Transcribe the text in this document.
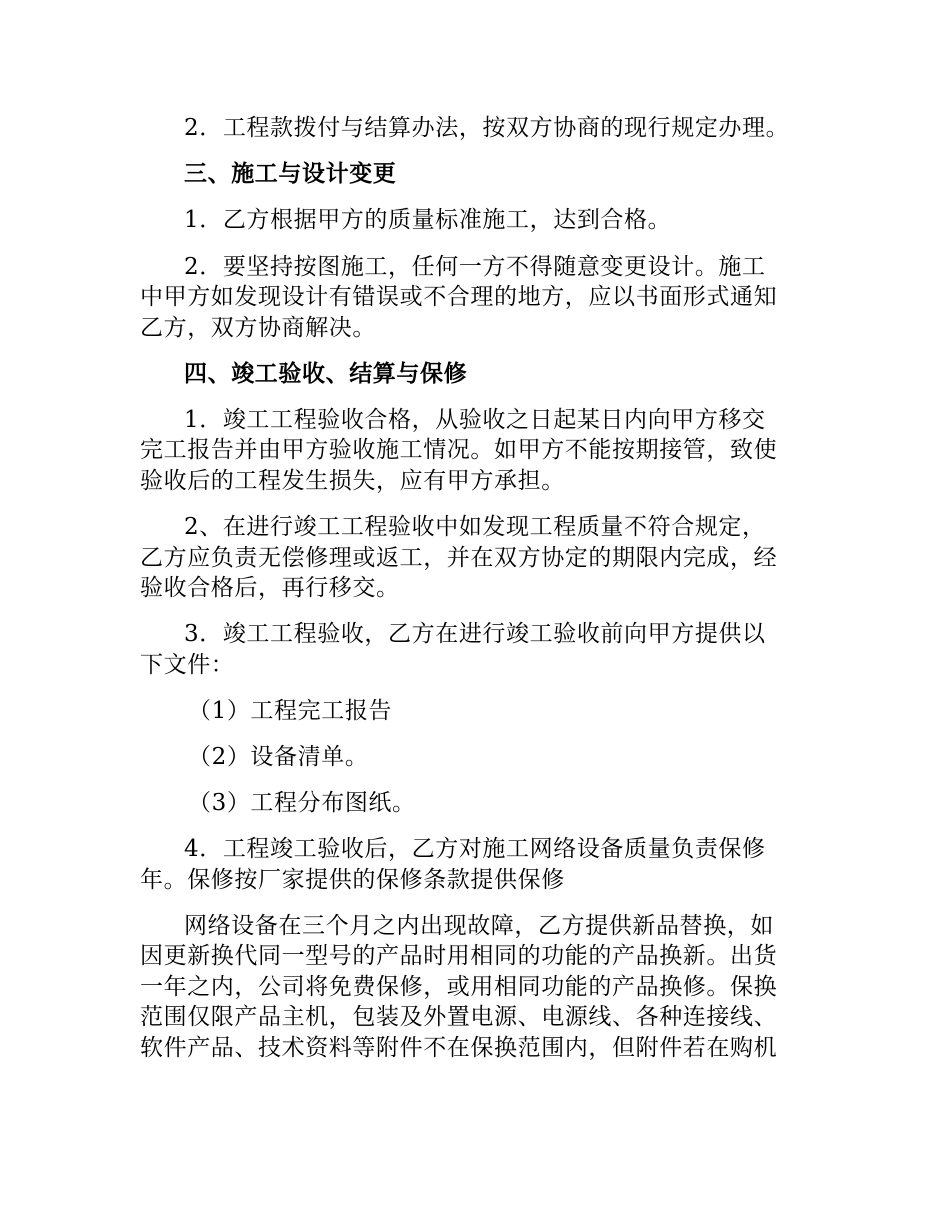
2．工程款拨付与结算办法，按双方协商的现行规定办理。
三、施工与设计变更
1．乙方根据甲方的质量标准施工，达到合格。
2．要坚持按图施工，任何一方不得随意变更设计。施工
中甲方如发现设计有错误或不合理的地方，应以书面形式通知
乙方，双方协商解决。
四、竣工验收、结算与保修
1．竣工工程验收合格，从验收之日起某日内向甲方移交
完工报告并由甲方验收施工情况。如甲方不能按期接管，致使
验收后的工程发生损失，应有甲方承担。
2、在进行竣工工程验收中如发现工程质量不符合规定，
乙方应负责无偿修理或返工，并在双方协定的期限内完成，经
验收合格后，再行移交。
3．竣工工程验收，乙方在进行竣工验收前向甲方提供以
下文件：
（1）工程完工报告
（2）设备清单。
（3）工程分布图纸。
4．工程竣工验收后，乙方对施工网络设备质量负责保修
年。保修按厂家提供的保修条款提供保修
网络设备在三个月之内出现故障，乙方提供新品替换，如
因更新换代同一型号的产品时用相同的功能的产品换新。出货
一年之内，公司将免费保修，或用相同功能的产品换修。保换
范围仅限产品主机，包装及外置电源、电源线、各种连接线、
软件产品、技术资料等附件不在保换范围内，但附件若在购机
